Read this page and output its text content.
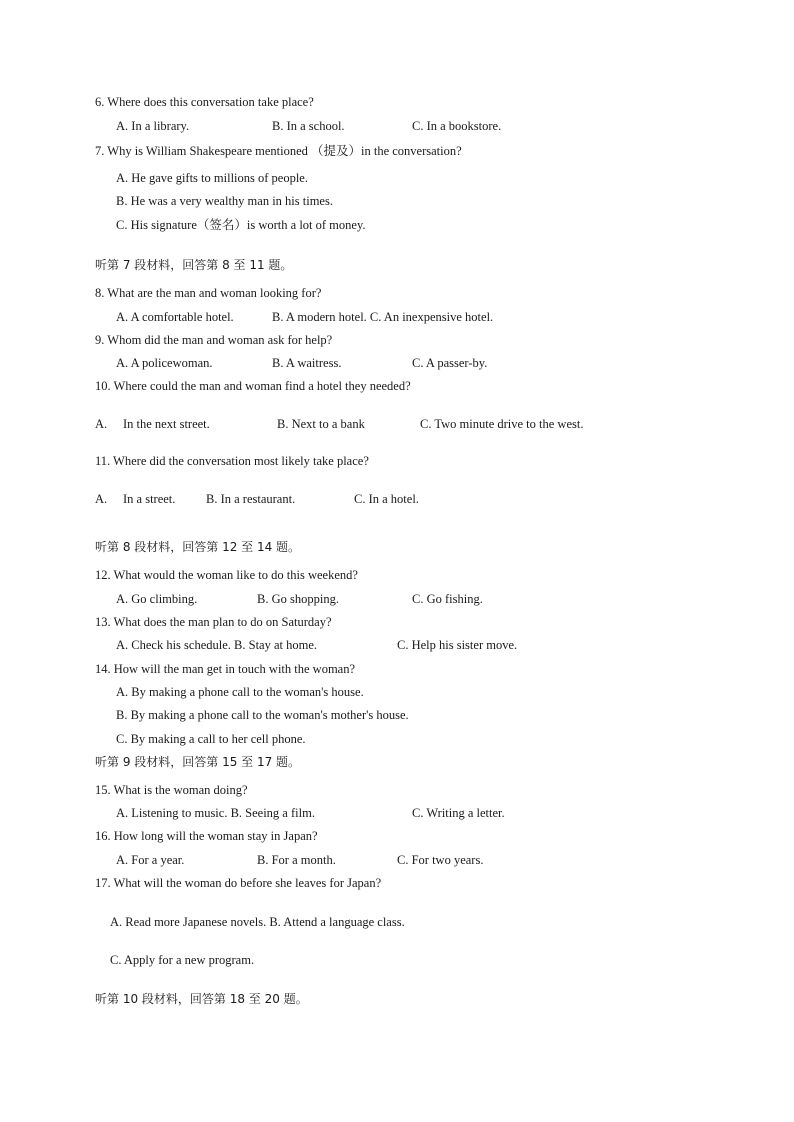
6. Where does this conversation take place?
A. In a library.	B. In a school.	C. In a bookstore.
7. Why is William Shakespeare mentioned （提及）in the conversation?
A. He gave gifts to millions of people.
B. He was a very wealthy man in his times.
C. His signature（签名）is worth a lot of money.
听第 7 段材料，回答第 8 至 11 题。
8. What are the man and woman looking for?
A. A comfortable hotel.	B. A modern hotel. C. An inexpensive hotel.
9. Whom did the man and woman ask for help?
A. A policewoman.	B. A waitress.	C. A passer-by.
10. Where could the man and woman find a hotel they needed?
A. In the next street.	B. Next to a bank	C. Two minute drive to the west.
11. Where did the conversation most likely take place?
A. In a street. B. In a restaurant.	C. In a hotel.
听第 8 段材料，回答第 12 至 14 题。
12. What would the woman like to do this weekend?
A. Go climbing.	B. Go shopping.	C. Go fishing.
13. What does the man plan to do on Saturday?
A. Check his schedule. B. Stay at home.	C. Help his sister move.
14. How will the man get in touch with the woman?
A. By making a phone call to the woman's house.
B. By making a phone call to the woman's mother's house.
C. By making a call to her cell phone.
听第 9 段材料，回答第 15 至 17 题。
15. What is the woman doing?
A. Listening to music. B. Seeing a film.	C. Writing a letter.
16. How long will the woman stay in Japan?
A. For a year.	B. For a month.	C. For two years.
17. What will the woman do before she leaves for Japan?
A. Read more Japanese novels. B. Attend a language class.
C. Apply for a new program.
听第 10 段材料，回答第 18 至 20 题。
